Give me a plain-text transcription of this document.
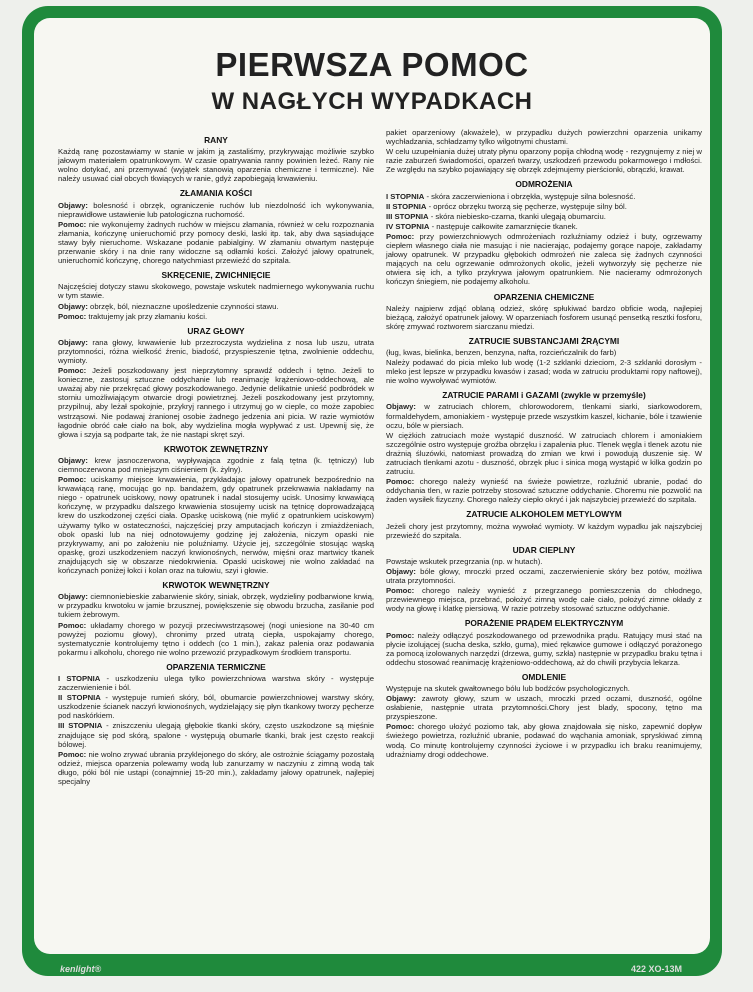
PIERWSZA POMOC
W NAGŁYCH WYPADKACH
RANY

Każdą ranę pozostawiamy w stanie w jakim ją zastaliśmy, przykrywając możliwie szybko jałowym materiałem opatrunkowym. W czasie opatrywania ranny powinien leżeć. Rany nie wolno dotykać, ani przemywać (wyjątek stanowią oparzenia chemiczne i termiczne). Nie należy usuwać ciał obcych tkwiących w ranie, gdyż zapobiegają krwawieniu.

ZŁAMANIA KOŚCI

Objawy: bolesność i obrzęk, ograniczenie ruchów lub niezdolność ich wykonywania, nieprawidłowe ustawienie lub patologiczna ruchomość.

Pomoc: nie wykonujemy żadnych ruchów w miejscu złamania, również w celu rozpoznania złamania, kończynę unieruchomić przy pomocy deski, laski itp. tak, aby dwa sąsiadujące stawy były nieruchome. Wskazane podanie pabialginy. W złamaniu otwartym następuje przerwanie skóry i na dnie rany widoczne są odłamki kości. Założyć jałowy opatrunek, unieruchomić kończynę, chorego natychmiast przewieźć do szpitala.

SKRĘCENIE, ZWICHNIĘCIE

Najczęściej dotyczy stawu skokowego, powstaje wskutek nadmiernego wykonywania ruchu w tym stawie.

Objawy: obrzęk, ból, nieznaczne upośledzenie czynności stawu.

Pomoc: traktujemy jak przy złamaniu kości.

URAZ GŁOWY

Objawy: rana głowy, krwawienie lub przezroczysta wydzielina z nosa lub uszu, utrata przytomności, różna wielkość źrenic, biadość, przyspieszenie tętna, zwolnienie oddechu, wymioty.

Pomoc: Jeżeli poszkodowany jest nieprzytomny sprawdź oddech i tętno. Jeżeli to konieczne, zastosuj sztuczne oddychanie lub reanimację krążeniowo-oddechową, ale uważaj aby nie przekręcać głowy poszkodowanego. Jedynie delikatnie unieść podbródek w storniu umożliwiającym otwarcie drogi powietrznej. Jeżeli poszkodowany jest przytomny, przypilnuj, aby leżał spokojnie, przykryj rannego i utrzymuj go w cieple, co może zapobiec wstrząsowi. Nie podawaj żranionej osobie żadnego jedzenia ani picia. W razie wymiotów łagodnie obróć całe ciało na bok, aby wydzielina mogła wypływać z ust. Upewnij się, że głowa i szyja są podparte tak, że nie nastąpi skręt szyi.

KRWOTOK ZEWNĘTRZNY

Objawy: krew jasnoczerwona, wypływająca zgodnie z falą tętna (k. tętniczy) lub ciemnoczerwona pod mniejszym ciśnieniem (k. żylny).

Pomoc: uciskamy miejsce krwawienia, przykładając jałowy opatrunek bezpośrednio na krwawiącą ranę, mocując go np. bandażem, gdy opatrunek przekrwawia nakładamy na niego - opatrunek uciskowy, nowy opatrunek i nadal stosujemy ucisk. Unosimy krwawiącą kończynę, w przypadku dalszego krwawienia stosujemy ucisk na tętnicę doprowadzającą krew do uszkodzonej części ciała. Opaskę uciskową (nie mylić z opatrunkiem uciskowym) używamy tylko w ostateczności, najczęściej przy amputacjach kończyn i zmiażdżeniach, obok opaski lub na niej odnotowujemy godzinę jej założenia, niczym opaski nie przykrywamy, ani po założeniu nie poluźniamy. Użycie jej, szczególnie stosując wąską opaskę, grozi uszkodzeniem naczyń krwionośnych, nerwów, mięśni oraz martwicy tkanek znajdujących się w obszarze niedokrwienia. Opaski uciskowej nie wolno zakładać na kończynach poniżej łokci i kolan oraz na tułowiu, szyi i głowie.

KRWOTOK WEWNĘTRZNY

Objawy: ciemnoniebieskie zabarwienie skóry, siniak, obrzęk, wydzieliny podbarwione krwią, w przypadku krwotoku w jamie brzusznej, powiększenie się obwodu brzucha, zasilanie pod tukiem żebrowym.

Pomoc: układamy chorego w pozycji przeciwwstrząsowej (nogi uniesione na 30-40 cm powyżej poziomu głowy), chronimy przed utratą ciepła, uspokajamy chorego, systematycznie kontrolujemy tętno i oddech (co 1 min.), zakaz palenia oraz podawania pokarmu i alkoholu, chorego nie wolno przewozić przypadkowym środkiem transportu.

OPARZENIA TERMICZNE

I STOPNIA - uszkodzeniu ulega tylko powierzchniowa warstwa skóry - występuje zaczerwienienie i ból.

II STOPNIA - występuje rumień skóry, ból, obumarcie powierzchniowej warstwy skóry, uszkodzenie ścianek naczyń krwionośnych, wydzielający się płyn tkankowy tworzy pęcherze pod naskórkiem.

III STOPNIA - zniszczeniu ulegają głębokie tkanki skóry, często uszkodzone są mięśnie znajdujące się pod skórą, spalone - występują obumarłe tkanki, brak jest często reakcji bólowej.

Pomoc: nie wolno zrywać ubrania przyklejonego do skóry, ale ostrożnie ściągamy pozostałą odzież, miejsca oparzenia polewamy wodą lub zanurzamy w naczyniu z zimną wodą tak długo, póki ból nie ustąpi (conajmniej 15-20 min.), zakładamy jałowy opatrunek, najlepiej specjalny

pakiet oparzeniowy (akważele), w przypadku dużych powierzchni oparzenia unikamy wychładzania, schładzamy tylko wilgotnymi chustami.

W celu uzupełniania dużej utraty płynu oparzony popija chłodną wodę - rezygnujemy z niej w razie zaburzeń świadomości, oparzeń twarzy, uszkodzeń przewodu pokarmowego i mdłości. Ze względu na szybko pojawiający się obrzęk zdejmujemy pierścionki, obrączki, krawat.

ODMROŻENIA

I STOPNIA - skóra zaczerwieniona i obrzękła, występuje silna bolesność.

II STOPNIA - oprócz obrzęku tworzą się pęcherze, występuje silny ból.

III STOPNIA - skóra niebiesko-czarna, tkanki ulegają obumarciu.

IV STOPNIA - następuje całkowite zamarznięcie tkanek.

Pomoc: przy powierzchniowych odmrożeniach rozluźniamy odzież i buty, ogrzewamy ciepłem własnego ciała nie masując i nie nacierając, podajemy gorące napoje, zakładamy jałowy opatrunek. W przypadku głębokich odmrożeń nie zaleca się żadnych czynności mających na celu ogrzewanie odmrożonych okolic, jeżeli wytworzyły się pęcherze nie otwiera się ich, a tylko przykrywa jałowym opatrunkiem. Nie nacieramy odmrożonych kończyn śniegiem, nie podajemy alkoholu.

OPARZENIA CHEMICZNE

Należy najpierw zdjąć oblaną odzież, skórę spłukiwać bardzo obficie wodą, najlepiej bieżącą, założyć opatrunek jałowy. W oparzeniach fosforem usunąć pensetką resztki fosforu, skórę zmywać roztworem siarczanu miedzi.

ZATRUCIE SUBSTANCJAMI ŻRĄCYMI

(ług, kwas, bielinka, benzen, benzyna, nafta, rozcieńczalnik do farb)

Należy podawać do picia mleko lub wodę (1-2 szklanki dzieciom, 2-3 szklanki dorosłym - mleko jest lepsze w przypadku kwasów i zasad; woda w zatruciu produktami ropy naftowej), nie wolno wywoływać wymiotów.

ZATRUCIE PARAMI i GAZAMI (zwykle w przemyśle)

Objawy: w zatruciach chlorem, chlorowodorem, tlenkami siarki, siarkowodorem, formaldehydem, amoniakiem - występuje przede wszystkim kaszel, kichanie, bóle i tzawienie oczu, bóle w piersiach.

W ciężkich zatruciach może wystąpić duszność. W zatruciach chlorem i amoniakiem szczególnie ostro występuje groźba obrzęku i zapalenia płuc. Tlenek węgla i tlenek azotu nie drażnią śluzówki, natomiast prowadzą do zmian we krwi i powodują duszenie się. W zatruciach tlenkami azotu - duszność, obrzęk płuc i sinica mogą wystąpić w kilka godzin po zatruciu.

Pomoc: chorego należy wynieść na świeże powietrze, rozluźnić ubranie, podać do oddychania tlen, w razie potrzeby stosować sztuczne oddychanie. Choremu nie pozwolić na żaden wysiłek fizyczny. Chorego należy ciepło okryć i jak najszybciej przewieźć do szpitala.

ZATRUCIE ALKOHOLEM METYLOWYM

Jeżeli chory jest przytomny, można wywołać wymioty. W każdym wypadku jak najszybciej przewieźć do szpitala.

UDAR CIEPLNY

Powstaje wskutek przegrzania (np. w hutach).

Objawy: bóle głowy, mroczki przed oczami, zaczerwienienie skóry bez potów, możliwa utrata przytomności.

Pomoc: chorego należy wynieść z przegrzanego pomieszczenia do chłodnego, przewiewnego miejsca, przebrać, położyć zimną wodę całe ciało, położyć zimne okłady z wody na głowę i klatkę piersiową. W razie potrzeby stosować sztuczne oddychanie.

PORAŻENIE PRĄDEM ELEKTRYCZNYM

Pomoc: należy odłączyć poszkodowanego od przewodnika prądu. Ratujący musi stać na płycie izolującej (sucha deska, szkło, guma), mieć rękawice gumowe i odłączyć porażonego za pomocą izolowanych narzędzi (drzewa, gumy, szkła) następnie w przypadku braku tętna i oddechu stosować reanimację krążeniowo-oddechową, aż do chwili przybycia lekarza.

OMDLENIE

Występuje na skutek gwałtownego bólu lub bodźców psychologicznych.

Objawy: zawroty głowy, szum w uszach, mroczki przed oczami, duszność, ogólne osłabienie, następnie utrata przytomności.Chory jest blady, spocony, tętno ma przyspieszone.

Pomoc: chorego ułożyć poziomo tak, aby głowa znajdowała się nisko, zapewnić dopływ świeżego powietrza, rozluźnić ubranie, podawać do wąchania amoniak, spryskiwać zimną wodą. Co minutę kontrolujemy czynności życiowe i w przypadku ich braku reanimujemy, udrażniamy drogi oddechowe.

kenlight®	422 XO-13M
